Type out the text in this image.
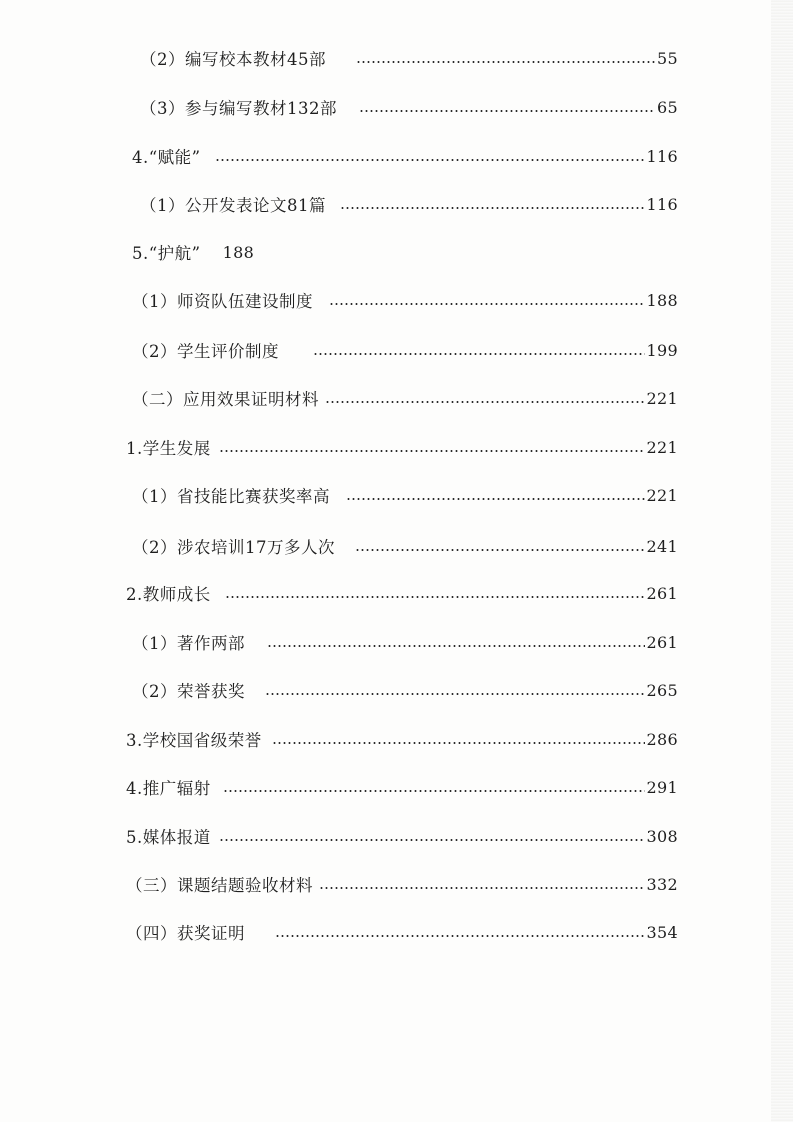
（2）编写校本教材45部	55
（3）参与编写教材132部	65
4.“赋能”	116
（1）公开发表论文81篇	116
5.“护航” 188
（1）师资队伍建设制度	188
（2）学生评价制度	199
（二）应用效果证明材料	221
1.学生发展	221
（1）省技能比赛获奖率高	221
（2）涉农培训17万多人次	241
2.教师成长	261
（1）著作两部	261
（2）荣誉获奖	265
3.学校国省级荣誉	286
4.推广辐射	291
5.媒体报道	308
（三）课题结题验收材料	332
（四）获奖证明	354
